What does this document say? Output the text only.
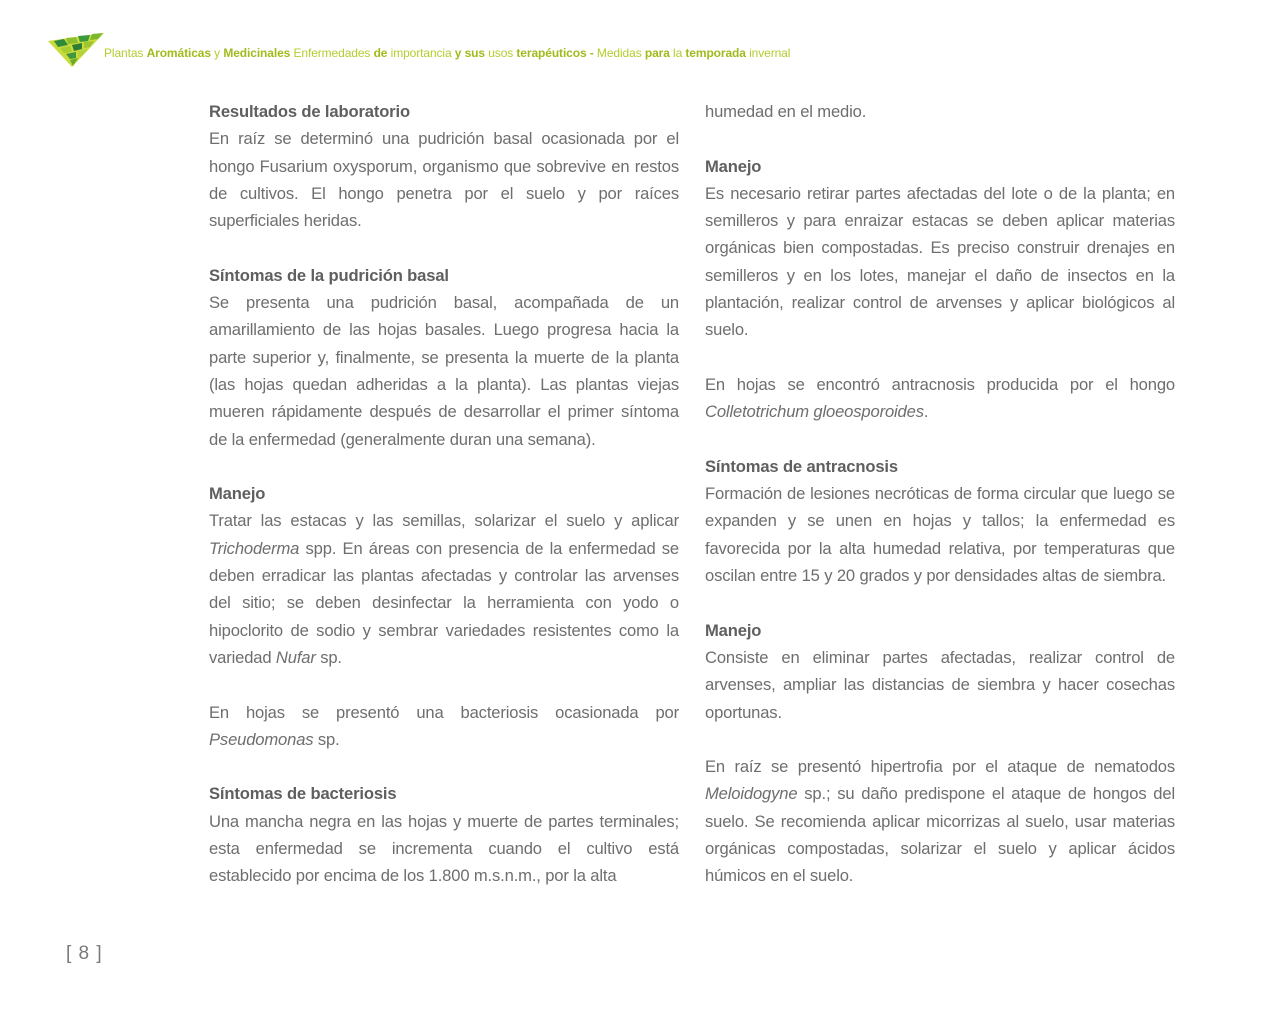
Plantas Aromáticas y Medicinales Enfermedades de importancia y sus usos terapéuticos - Medidas para la temporada invernal
Resultados de laboratorio

En raíz se determinó una pudrición basal ocasionada por el hongo Fusarium oxysporum, organismo que sobrevive en restos de cultivos. El hongo penetra por el suelo y por raíces superficiales heridas.

Síntomas de la pudrición basal

Se presenta una pudrición basal, acompañada de un amarillamiento de las hojas basales. Luego progresa hacia la parte superior y, finalmente, se presenta la muerte de la planta (las hojas quedan adheridas a la planta). Las plantas viejas mueren rápidamente después de desarrollar el primer síntoma de la enfermedad (generalmente duran una semana).

Manejo

Tratar las estacas y las semillas, solarizar el suelo y aplicar Trichoderma spp. En áreas con presencia de la enfermedad se deben erradicar las plantas afectadas y controlar las arvenses del sitio; se deben desinfectar la herramienta con yodo o hipoclorito de sodio y sembrar variedades resistentes como la variedad Nufar sp.

En hojas se presentó una bacteriosis ocasionada por Pseudomonas sp.

Síntomas de bacteriosis

Una mancha negra en las hojas y muerte de partes terminales; esta enfermedad se incrementa cuando el cultivo está establecido por encima de los 1.800 m.s.n.m., por la alta

humedad en el medio.

Manejo

Es necesario retirar partes afectadas del lote o de la planta; en semilleros y para enraizar estacas se deben aplicar materias orgánicas bien compostadas. Es preciso construir drenajes en semilleros y en los lotes, manejar el daño de insectos en la plantación, realizar control de arvenses y aplicar biológicos al suelo.

En hojas se encontró antracnosis producida por el hongo Colletotrichum gloeosporoides.

Síntomas de antracnosis

Formación de lesiones necróticas de forma circular que luego se expanden y se unen en hojas y tallos; la enfermedad es favorecida por la alta humedad relativa, por temperaturas que oscilan entre 15 y 20 grados y por densidades altas de siembra.

Manejo

Consiste en eliminar partes afectadas, realizar control de arvenses, ampliar las distancias de siembra y hacer cosechas oportunas.

En raíz se presentó hipertrofia por el ataque de nematodos Meloidogyne sp.; su daño predispone el ataque de hongos del suelo. Se recomienda aplicar micorrizas al suelo, usar materias orgánicas compostadas, solarizar el suelo y aplicar ácidos húmicos en el suelo.

[ 8 ]
